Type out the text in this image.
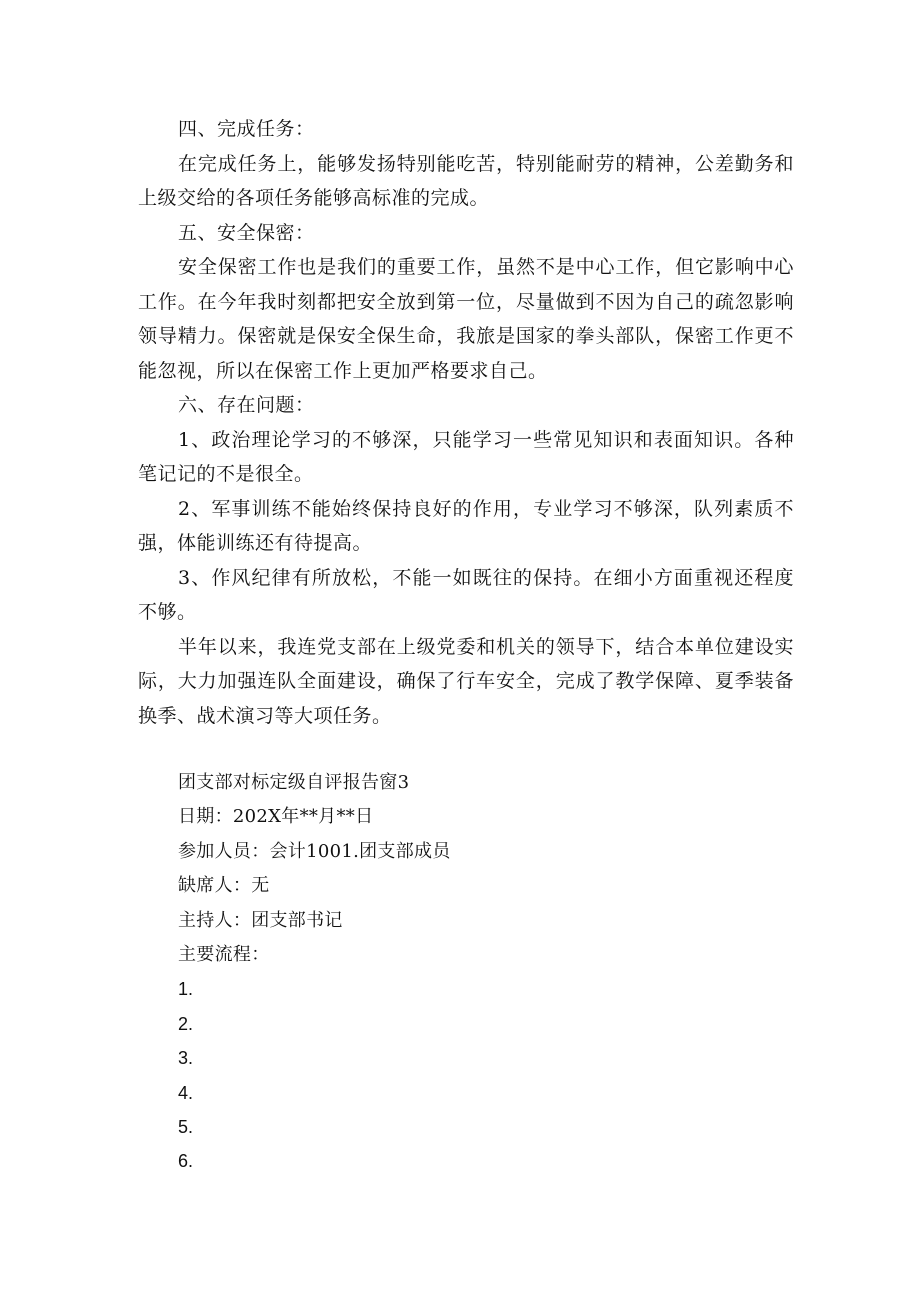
四、完成任务：

在完成任务上，能够发扬特别能吃苦，特别能耐劳的精神，公差勤务和上级交给的各项任务能够高标准的完成。

五、安全保密：

安全保密工作也是我们的重要工作，虽然不是中心工作，但它影响中心工作。在今年我时刻都把安全放到第一位，尽量做到不因为自己的疏忽影响领导精力。保密就是保安全保生命，我旅是国家的拳头部队，保密工作更不能忽视，所以在保密工作上更加严格要求自己。

六、存在问题：

1、政治理论学习的不够深，只能学习一些常见知识和表面知识。各种笔记记的不是很全。

2、军事训练不能始终保持良好的作用，专业学习不够深，队列素质不强，体能训练还有待提高。

3、作风纪律有所放松，不能一如既往的保持。在细小方面重视还程度不够。

半年以来，我连党支部在上级党委和机关的领导下，结合本单位建设实际，大力加强连队全面建设，确保了行车安全，完成了教学保障、夏季装备换季、战术演习等大项任务。

团支部对标定级自评报告窗3

日期：202X年**月**日

参加人员：会计1001.团支部成员

缺席人：无

主持人：团支部书记

主要流程：

1.
2.
3.
4.
5.
6.
